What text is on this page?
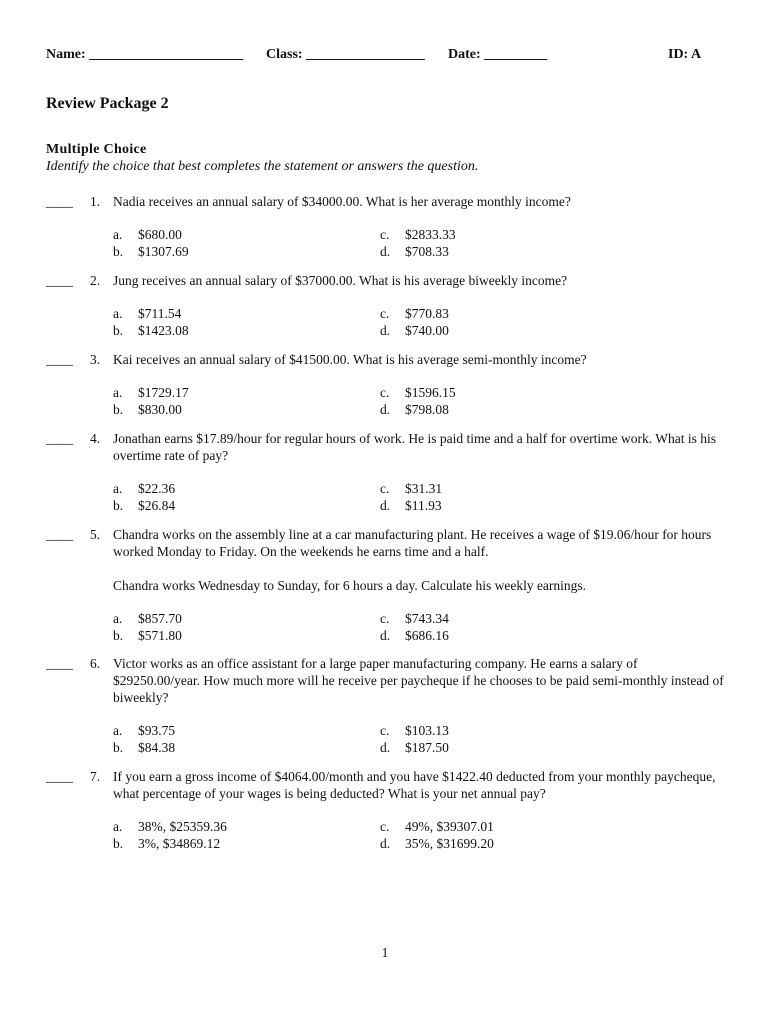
Name: ______________________ Class: _________________ Date: _________	ID: A
Review Package 2
Multiple Choice
Identify the choice that best completes the statement or answers the question.
____ 1. Nadia receives an annual salary of $34000.00. What is her average monthly income?

a. $680.00
b. $1307.69
c. $2833.33
d. $708.33
____ 2. Jung receives an annual salary of $37000.00. What is his average biweekly income?

a. $711.54
b. $1423.08
c. $770.83
d. $740.00
____ 3. Kai receives an annual salary of $41500.00. What is his average semi-monthly income?

a. $1729.17
b. $830.00
c. $1596.15
d. $798.08
____ 4. Jonathan earns $17.89/hour for regular hours of work. He is paid time and a half for overtime work. What is his overtime rate of pay?

a. $22.36
b. $26.84
c. $31.31
d. $11.93
____ 5. Chandra works on the assembly line at a car manufacturing plant. He receives a wage of $19.06/hour for hours worked Monday to Friday. On the weekends he earns time and a half.

Chandra works Wednesday to Sunday, for 6 hours a day. Calculate his weekly earnings.

a. $857.70
b. $571.80
c. $743.34
d. $686.16
____ 6. Victor works as an office assistant for a large paper manufacturing company. He earns a salary of $29250.00/year. How much more will he receive per paycheque if he chooses to be paid semi-monthly instead of biweekly?

a. $93.75
b. $84.38
c. $103.13
d. $187.50
____ 7. If you earn a gross income of $4064.00/month and you have $1422.40 deducted from your monthly paycheque, what percentage of your wages is being deducted? What is your net annual pay?

a. 38%, $25359.36
b. 3%, $34869.12
c. 49%, $39307.01
d. 35%, $31699.20
1
